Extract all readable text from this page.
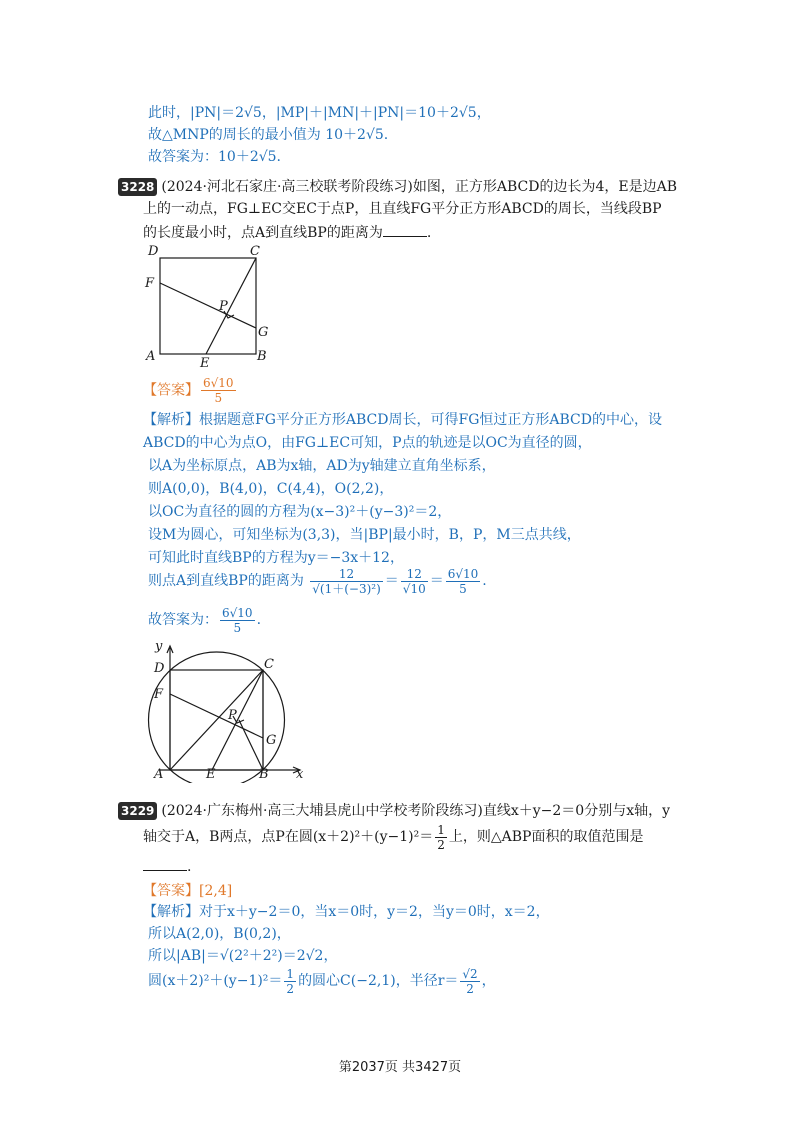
此时，|PN|＝2√5，|MP|＋|MN|＋|PN|＝10＋2√5，
故△MNP的周长的最小值为 10＋2√5.
故答案为：10＋2√5.
3228 (2024·河北石家庄·高三校联考阶段练习)如图，正方形ABCD的边长为4，E是边AB
上的一动点，FG⊥EC交EC于点P，且直线FG平分正方形ABCD的周长，当线段BP
的长度最小时，点A到直线BP的距离为	.
D	C
F
P
G
A	E	B
【答案】 $\frac{6√10}{5}$
【解析】根据题意FG平分正方形ABCD周长，可得FG恒过正方形ABCD的中心，设
ABCD的中心为点O，由FG⊥EC可知，P点的轨迹是以OC为直径的圆，
以A为坐标原点，AB为x轴，AD为y轴建立直角坐标系，
则A(0,0)，B(4,0)，C(4,4)，O(2,2)，
以OC为直径的圆的方程为(x−3)²＋(y−3)²＝2，
设M为圆心，可知坐标为(3,3)，当|BP|最小时，B，P，M三点共线，
可知此时直线BP的方程为y＝−3x＋12，
则点A到直线BP的距离为 $\frac{12}{\text{√(1＋(−3)²)}} = \frac{12}{√10} = \frac{6√10}{5}$ .
故答案为： $\frac{6√10}{5}$ .
y
D	C
F
P
G
A	E	B x
3229 (2024·广东梅州·高三大埔县虎山中学校考阶段练习)直线x＋y−2＝0分别与x轴，y
轴交于A，B两点，点P在圆$(x+2)^2+(y-1)^2= \frac{1}{2}$ 上，则△ABP面积的取值范围是
.
【答案】[2,4]
【解析】对于x＋y−2＝0，当x＝0时，y＝2，当y＝0时，x＝2，
所以A(2,0)，B(0,2)，
所以|AB|＝√(2²＋2²)＝2√2，
圆$(x+2)^2+(y-1)^2= \frac{1}{2}$ 的圆心C(−2,1)，半径$r= \frac{√2}{2}$ ，
第2037页 共3427页
